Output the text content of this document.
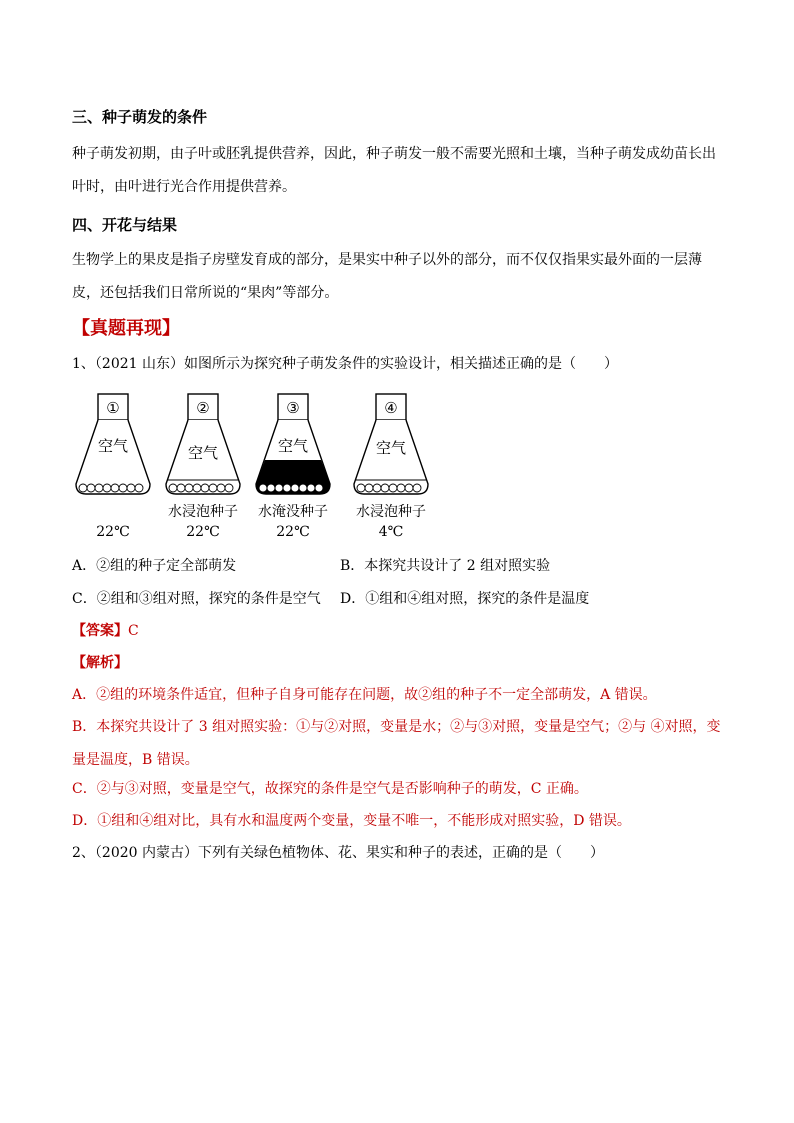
三、种子萌发的条件
种子萌发初期，由子叶或胚乳提供营养，因此，种子萌发一般不需要光照和土壤，当种子萌发成幼苗长出叶时，由叶进行光合作用提供营养。
四、开花与结果
生物学上的果皮是指子房壁发育成的部分，是果实中种子以外的部分，而不仅仅指果实最外面的一层薄皮，还包括我们日常所说的“果肉”等部分。
【真题再现】
1、（2021 山东）如图所示为探究种子萌发条件的实验设计，相关描述正确的是（　　）
①
空气
22℃
②
空气
水浸泡种子
22℃
③
空气
水淹没种子
22℃
④
空气
水浸泡种子
4℃
A．②组的种子定全部萌发	B．本探究共设计了 2 组对照实验
C．②组和③组对照，探究的条件是空气 D．①组和④组对照，探究的条件是温度
【答案】C
【解析】
A．②组的环境条件适宜，但种子自身可能存在问题，故②组的种子不一定全部萌发，A 错误。
B．本探究共设计了 3 组对照实验：①与②对照，变量是水；②与③对照，变量是空气；②与 ④对照，变量是温度，B 错误。
C．②与③对照，变量是空气，故探究的条件是空气是否影响种子的萌发，C 正确。
D．①组和④组对比，具有水和温度两个变量，变量不唯一，不能形成对照实验，D 错误。
2、（2020 内蒙古）下列有关绿色植物体、花、果实和种子的表述，正确的是（　　）
